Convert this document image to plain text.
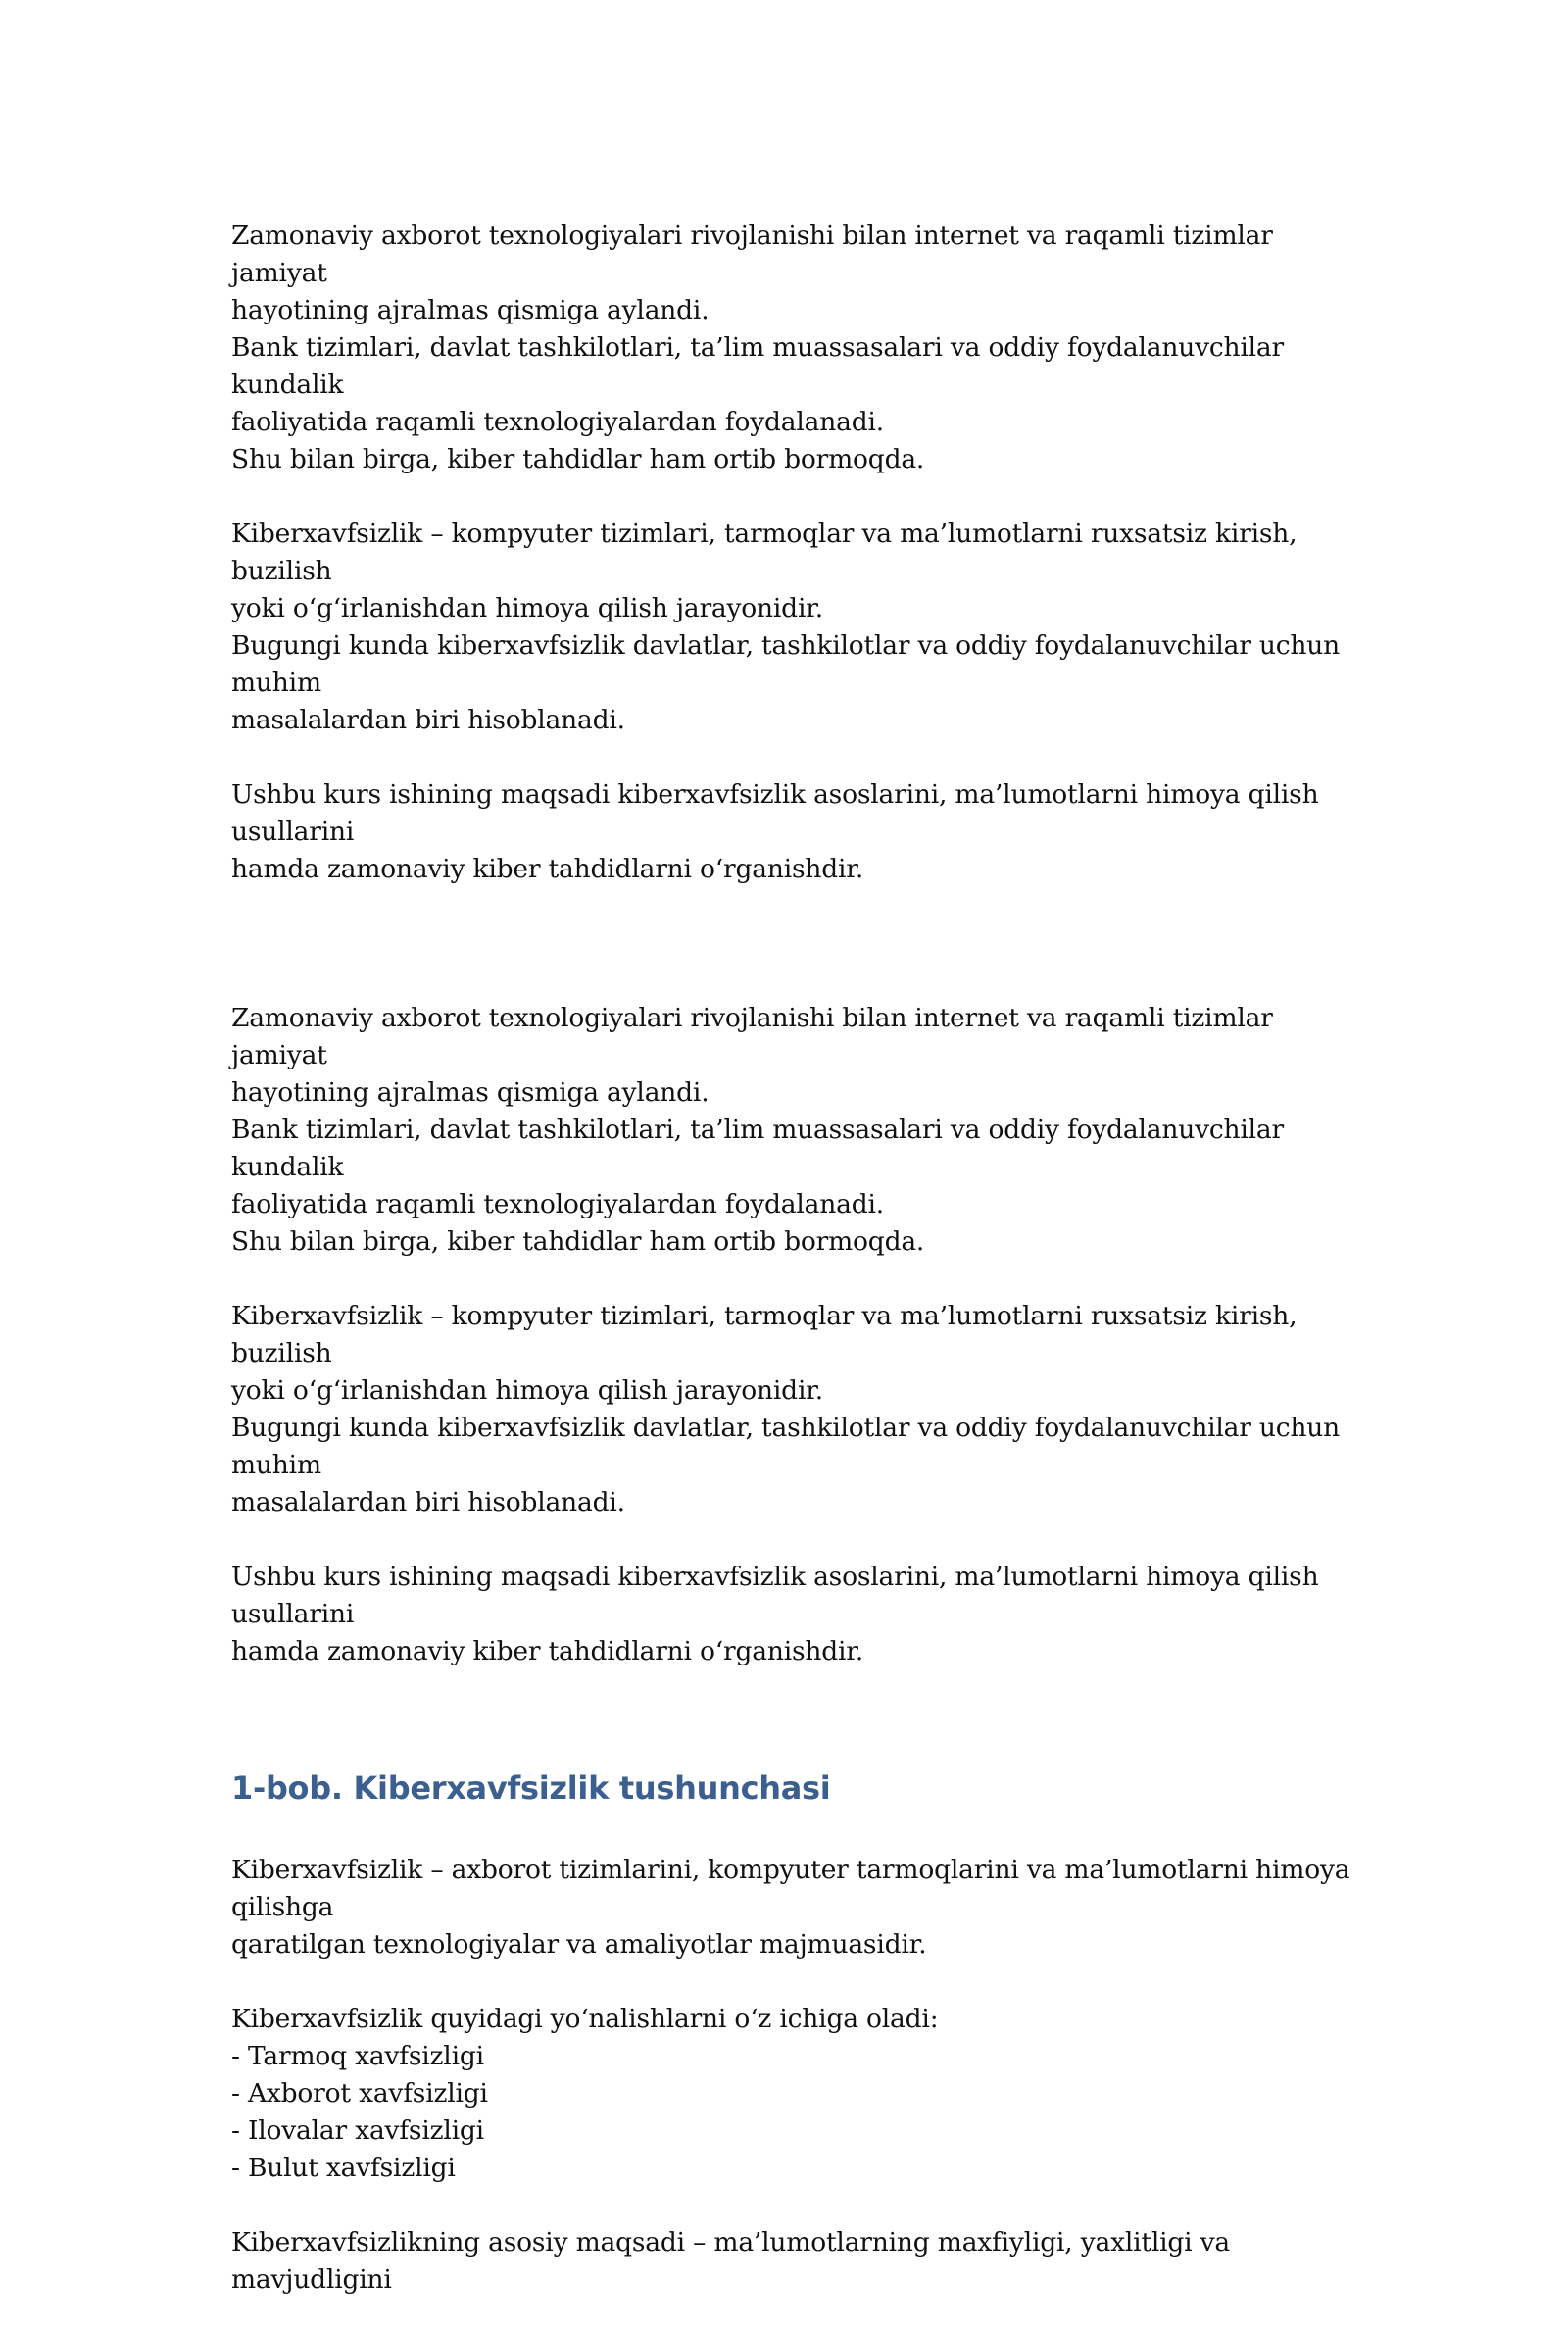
Zamonaviy axborot texnologiyalari rivojlanishi bilan internet va raqamli tizimlar jamiyat

hayotining ajralmas qismiga aylandi.

Bank tizimlari, davlat tashkilotlari, ta’lim muassasalari va oddiy foydalanuvchilar kundalik

faoliyatida raqamli texnologiyalardan foydalanadi.

Shu bilan birga, kiber tahdidlar ham ortib bormoqda.

Kiberxavfsizlik – kompyuter tizimlari, tarmoqlar va ma’lumotlarni ruxsatsiz kirish, buzilish

yoki o‘g‘irlanishdan himoya qilish jarayonidir.

Bugungi kunda kiberxavfsizlik davlatlar, tashkilotlar va oddiy foydalanuvchilar uchun muhim

masalalardan biri hisoblanadi.

Ushbu kurs ishining maqsadi kiberxavfsizlik asoslarini, ma’lumotlarni himoya qilish usullarini

hamda zamonaviy kiber tahdidlarni o‘rganishdir.

Zamonaviy axborot texnologiyalari rivojlanishi bilan internet va raqamli tizimlar jamiyat

hayotining ajralmas qismiga aylandi.

Bank tizimlari, davlat tashkilotlari, ta’lim muassasalari va oddiy foydalanuvchilar kundalik

faoliyatida raqamli texnologiyalardan foydalanadi.

Shu bilan birga, kiber tahdidlar ham ortib bormoqda.

Kiberxavfsizlik – kompyuter tizimlari, tarmoqlar va ma’lumotlarni ruxsatsiz kirish, buzilish

yoki o‘g‘irlanishdan himoya qilish jarayonidir.

Bugungi kunda kiberxavfsizlik davlatlar, tashkilotlar va oddiy foydalanuvchilar uchun muhim

masalalardan biri hisoblanadi.

Ushbu kurs ishining maqsadi kiberxavfsizlik asoslarini, ma’lumotlarni himoya qilish usullarini

hamda zamonaviy kiber tahdidlarni o‘rganishdir.

1-bob. Kiberxavfsizlik tushunchasi

Kiberxavfsizlik – axborot tizimlarini, kompyuter tarmoqlarini va ma’lumotlarni himoya qilishga

qaratilgan texnologiyalar va amaliyotlar majmuasidir.

Kiberxavfsizlik quyidagi yo‘nalishlarni o‘z ichiga oladi:

- Tarmoq xavfsizligi
- Axborot xavfsizligi
- Ilovalar xavfsizligi
- Bulut xavfsizligi

Kiberxavfsizlikning asosiy maqsadi – ma’lumotlarning maxfiyligi, yaxlitligi va mavjudligini
